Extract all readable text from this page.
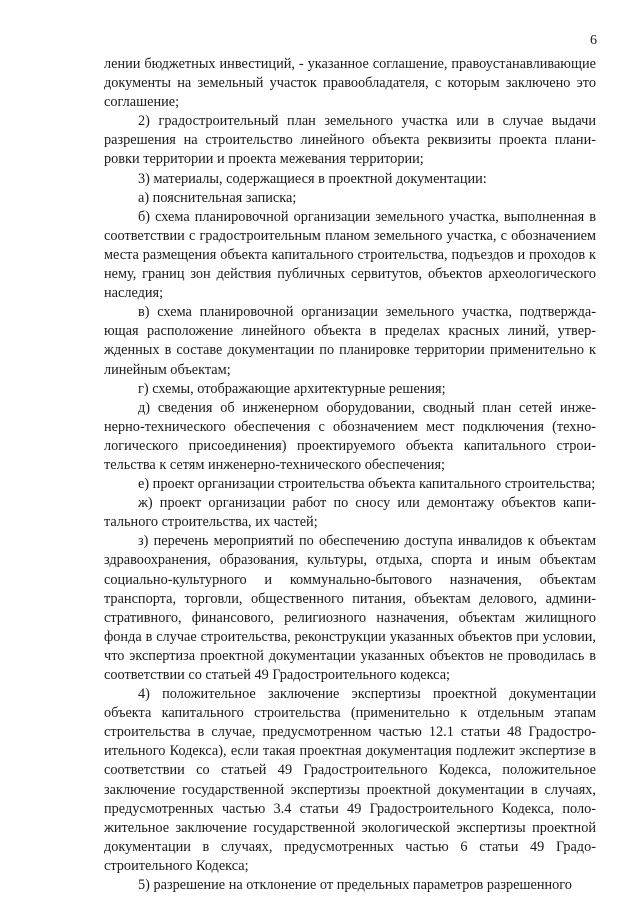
6

лении бюджетных инвестиций, - указанное соглашение, правоустанавливающие документы на земельный участок правообладателя, с которым заключено это соглашение;

2) градостроительный план земельного участка или в случае выдачи разрешения на строительство линейного объекта реквизиты проекта планировки территории и проекта межевания территории;

3) материалы, содержащиеся в проектной документации:

а) пояснительная записка;

б) схема планировочной организации земельного участка, выполненная в соответствии с градостроительным планом земельного участка, с обозначением места размещения объекта капитального строительства, подъездов и проходов к нему, границ зон действия публичных сервитутов, объектов археологического наследия;

в) схема планировочной организации земельного участка, подтверждающая расположение линейного объекта в пределах красных линий, утвержденных в составе документации по планировке территории применительно к линейным объектам;

г) схемы, отображающие архитектурные решения;

д) сведения об инженерном оборудовании, сводный план сетей инженерно-технического обеспечения с обозначением мест подключения (технологического присоединения) проектируемого объекта капитального строительства к сетям инженерно-технического обеспечения;

е) проект организации строительства объекта капитального строительства;

ж) проект организации работ по сносу или демонтажу объектов капитального строительства, их частей;

з) перечень мероприятий по обеспечению доступа инвалидов к объектам здравоохранения, образования, культуры, отдыха, спорта и иным объектам социально-культурного и коммунально-бытового назначения, объектам транспорта, торговли, общественного питания, объектам делового, административного, финансового, религиозного назначения, объектам жилищного фонда в случае строительства, реконструкции указанных объектов при условии, что экспертиза проектной документации указанных объектов не проводилась в соответствии со статьей 49 Градостроительного кодекса;

4) положительное заключение экспертизы проектной документации объекта капитального строительства (применительно к отдельным этапам строительства в случае, предусмотренном частью 12.1 статьи 48 Градостроительного Кодекса), если такая проектная документация подлежит экспертизе в соответствии со статьей 49 Градостроительного Кодекса, положительное заключение государственной экспертизы проектной документации в случаях, предусмотренных частью 3.4 статьи 49 Градостроительного Кодекса, положительное заключение государственной экологической экспертизы проектной документации в случаях, предусмотренных частью 6 статьи 49 Градостроительного Кодекса;

5) разрешение на отклонение от предельных параметров разрешенного
